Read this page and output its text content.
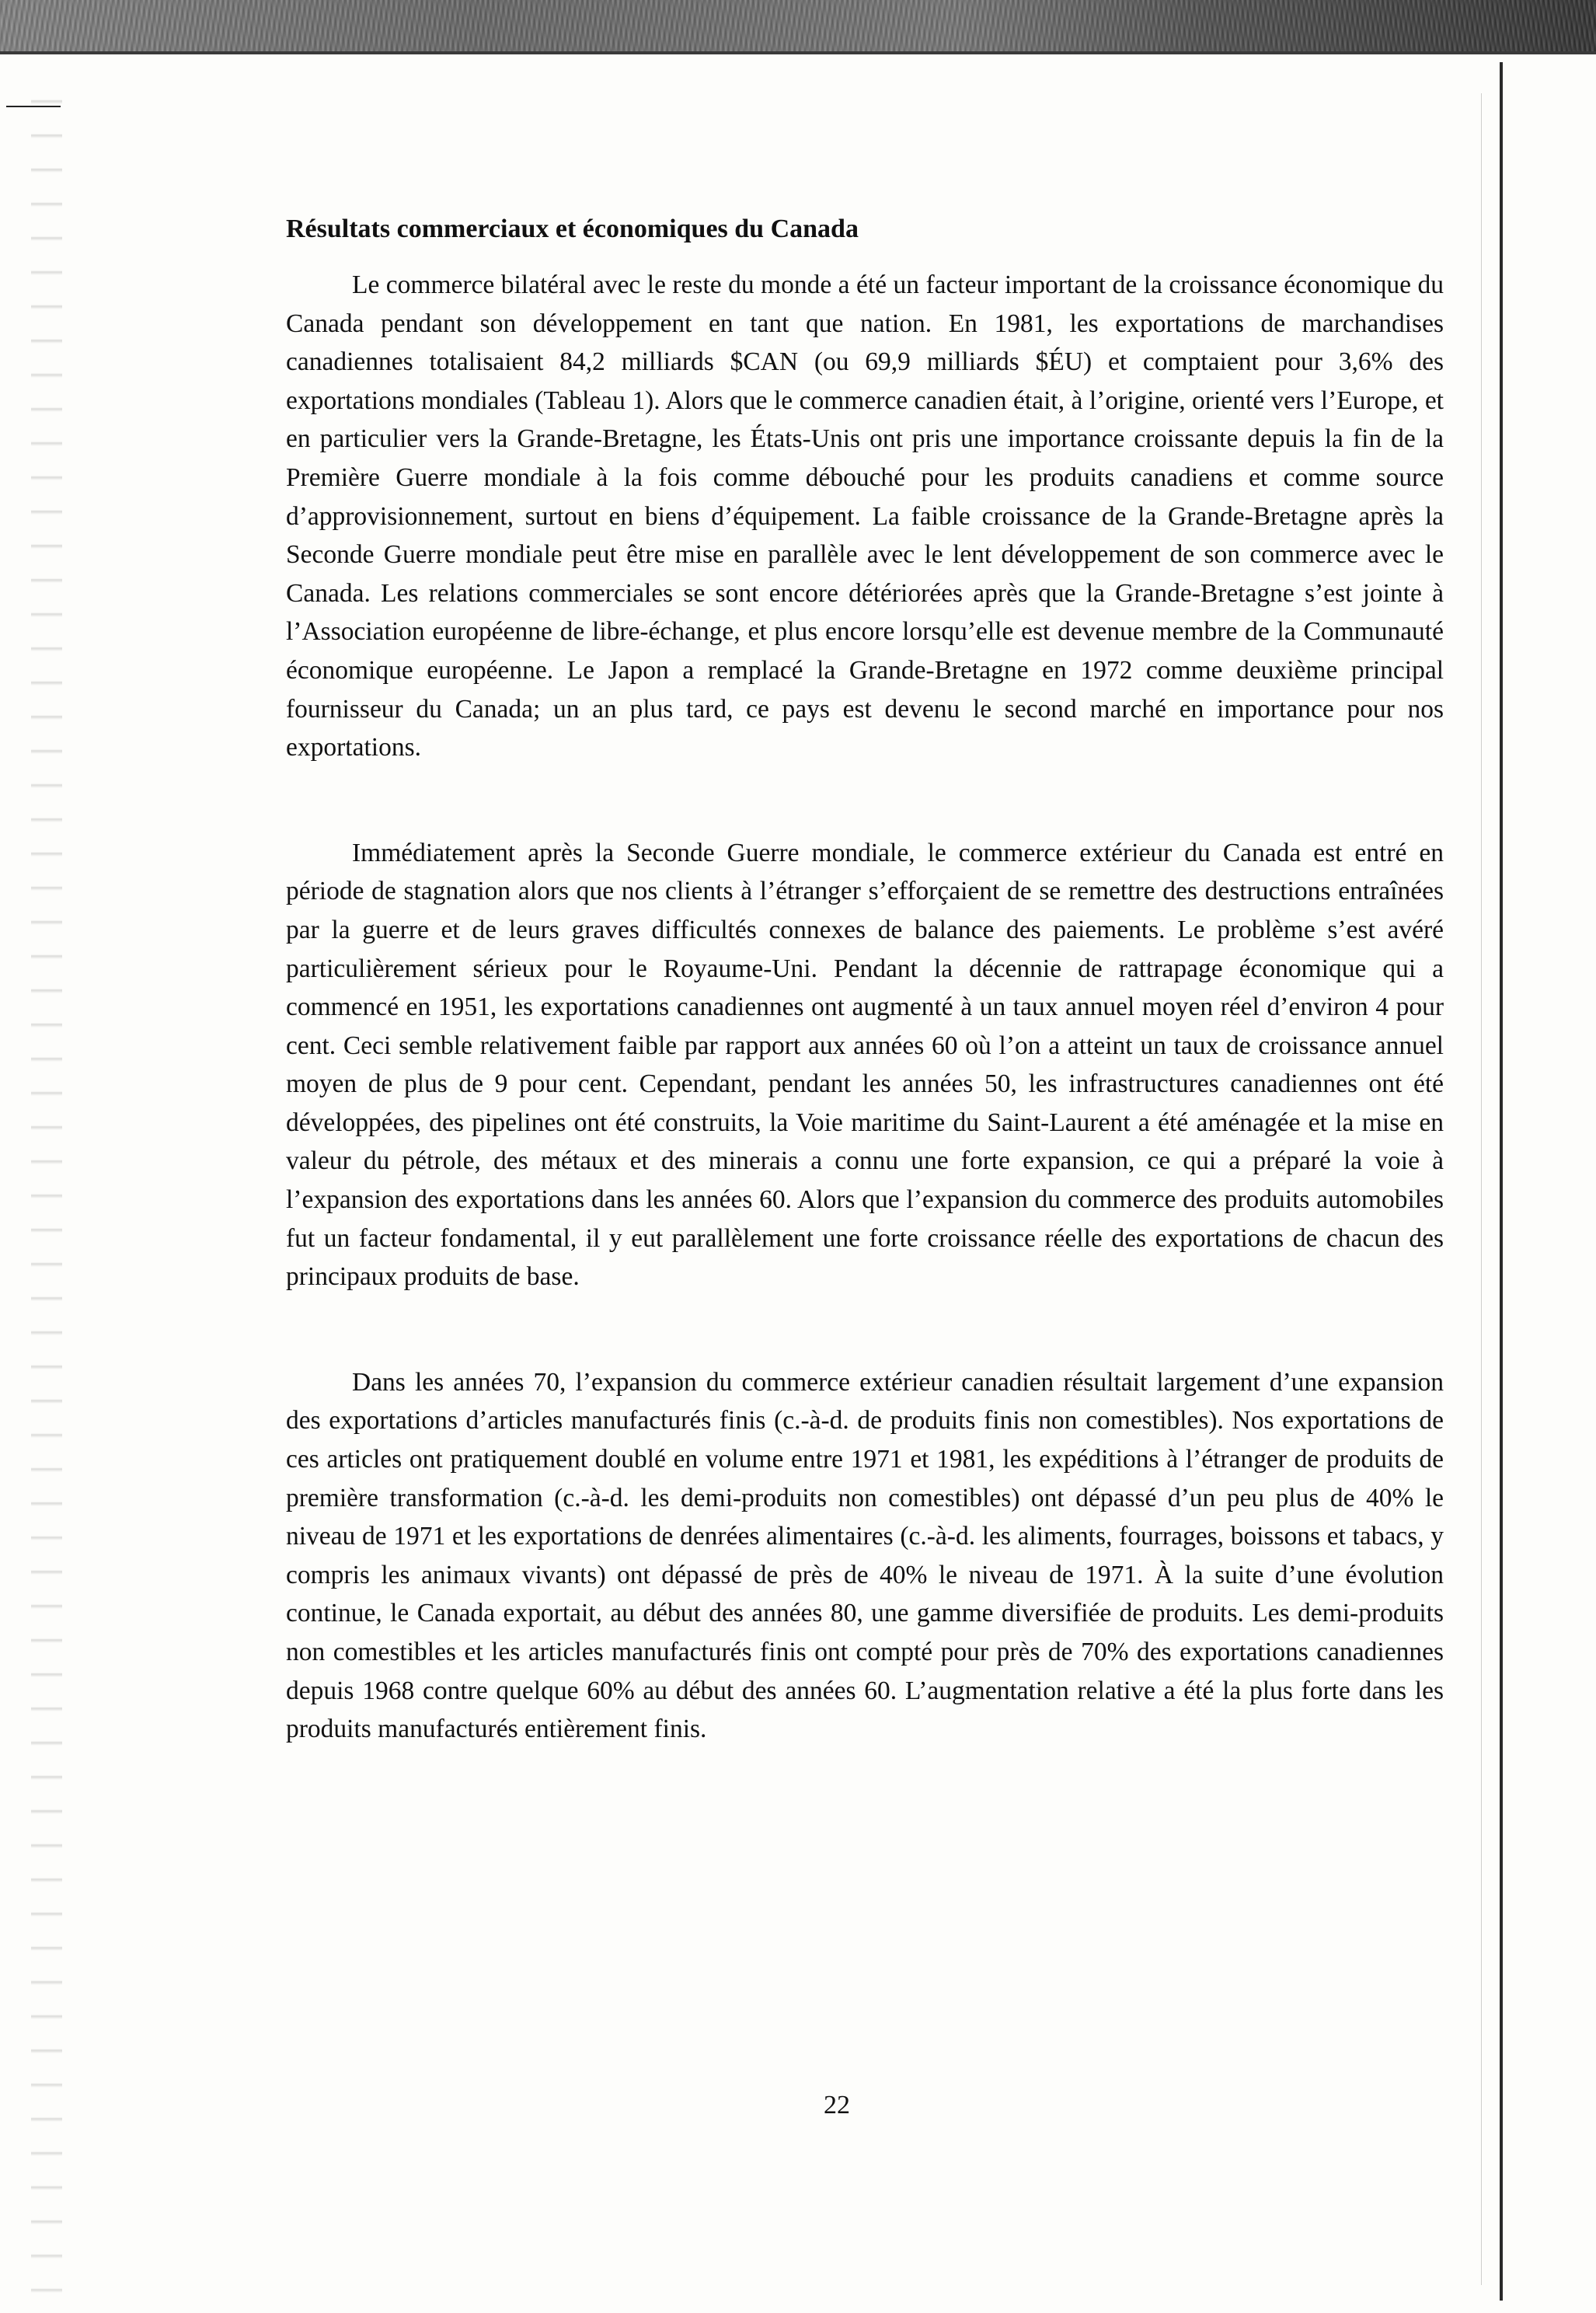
Résultats commerciaux et économiques du Canada

Le commerce bilatéral avec le reste du monde a été un facteur important de la croissance économique du Canada pendant son développement en tant que nation. En 1981, les exportations de marchandises canadiennes totalisaient 84,2 milliards $CAN (ou 69,9 milliards $ÉU) et comptaient pour 3,6% des exportations mondiales (Tableau 1). Alors que le commerce canadien était, à l’origine, orienté vers l’Europe, et en particulier vers la Grande-Bretagne, les États-Unis ont pris une importance croissante depuis la fin de la Première Guerre mondiale à la fois comme débouché pour les produits canadiens et comme source d’approvisionnement, surtout en biens d’équipement. La faible croissance de la Grande-Bretagne après la Seconde Guerre mondiale peut être mise en parallèle avec le lent développement de son commerce avec le Canada. Les relations commerciales se sont encore détériorées après que la Grande-Bretagne s’est jointe à l’Association européenne de libre-échange, et plus encore lorsqu’elle est devenue membre de la Communauté économique européenne. Le Japon a remplacé la Grande-Bretagne en 1972 comme deuxième principal fournisseur du Canada; un an plus tard, ce pays est devenu le second marché en importance pour nos exportations.

Immédiatement après la Seconde Guerre mondiale, le commerce extérieur du Canada est entré en période de stagnation alors que nos clients à l’étranger s’efforçaient de se remettre des destructions entraînées par la guerre et de leurs graves difficultés connexes de balance des paiements. Le problème s’est avéré particulièrement sérieux pour le Royaume-Uni. Pendant la décennie de rattrapage économique qui a commencé en 1951, les exportations canadiennes ont augmenté à un taux annuel moyen réel d’environ 4 pour cent. Ceci semble relativement faible par rapport aux années 60 où l’on a atteint un taux de croissance annuel moyen de plus de 9 pour cent. Cependant, pendant les années 50, les infrastructures canadiennes ont été développées, des pipelines ont été construits, la Voie maritime du Saint-Laurent a été aménagée et la mise en valeur du pétrole, des métaux et des minerais a connu une forte expansion, ce qui a préparé la voie à l’expansion des exportations dans les années 60. Alors que l’expansion du commerce des produits automobiles fut un facteur fondamental, il y eut parallèlement une forte croissance réelle des exportations de chacun des principaux produits de base.

Dans les années 70, l’expansion du commerce extérieur canadien résultait largement d’une expansion des exportations d’articles manufacturés finis (c.-à-d. de produits finis non comestibles). Nos exportations de ces articles ont pratiquement doublé en volume entre 1971 et 1981, les expéditions à l’étranger de produits de première transformation (c.-à-d. les demi-produits non comestibles) ont dépassé d’un peu plus de 40% le niveau de 1971 et les exportations de denrées alimentaires (c.-à-d. les aliments, fourrages, boissons et tabacs, y compris les animaux vivants) ont dépassé de près de 40% le niveau de 1971. À la suite d’une évolution continue, le Canada exportait, au début des années 80, une gamme diversifiée de produits. Les demi-produits non comestibles et les articles manufacturés finis ont compté pour près de 70% des exportations canadiennes depuis 1968 contre quelque 60% au début des années 60. L’augmentation relative a été la plus forte dans les produits manufacturés entièrement finis.

22
